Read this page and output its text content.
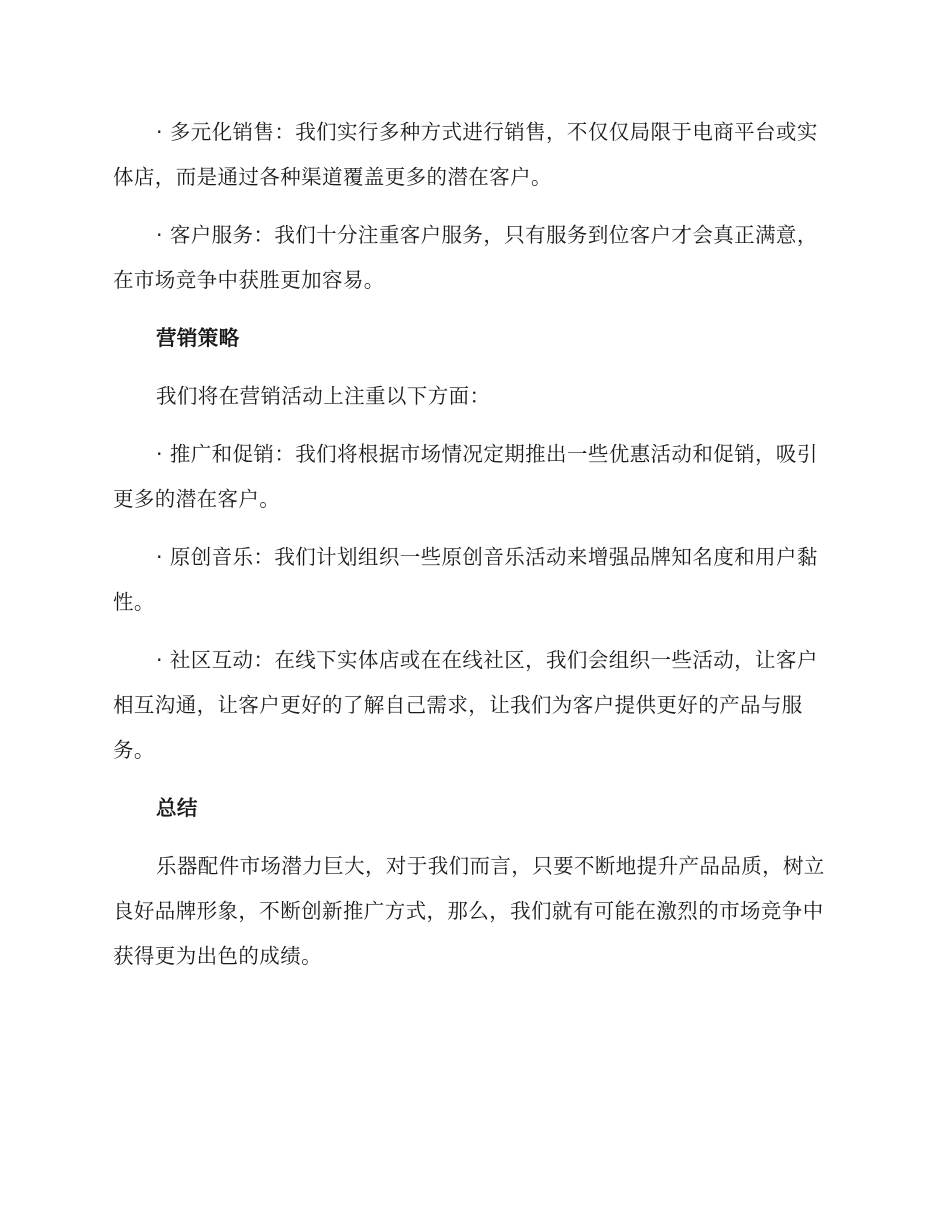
· 多元化销售：我们实行多种方式进行销售，不仅仅局限于电商平台或实体店，而是通过各种渠道覆盖更多的潜在客户。

· 客户服务：我们十分注重客户服务，只有服务到位客户才会真正满意，在市场竞争中获胜更加容易。

营销策略

我们将在营销活动上注重以下方面：

· 推广和促销：我们将根据市场情况定期推出一些优惠活动和促销，吸引更多的潜在客户。

· 原创音乐：我们计划组织一些原创音乐活动来增强品牌知名度和用户黏性。

· 社区互动：在线下实体店或在在线社区，我们会组织一些活动，让客户相互沟通，让客户更好的了解自己需求，让我们为客户提供更好的产品与服务。

总结

乐器配件市场潜力巨大，对于我们而言，只要不断地提升产品品质，树立良好品牌形象，不断创新推广方式，那么，我们就有可能在激烈的市场竞争中获得更为出色的成绩。
